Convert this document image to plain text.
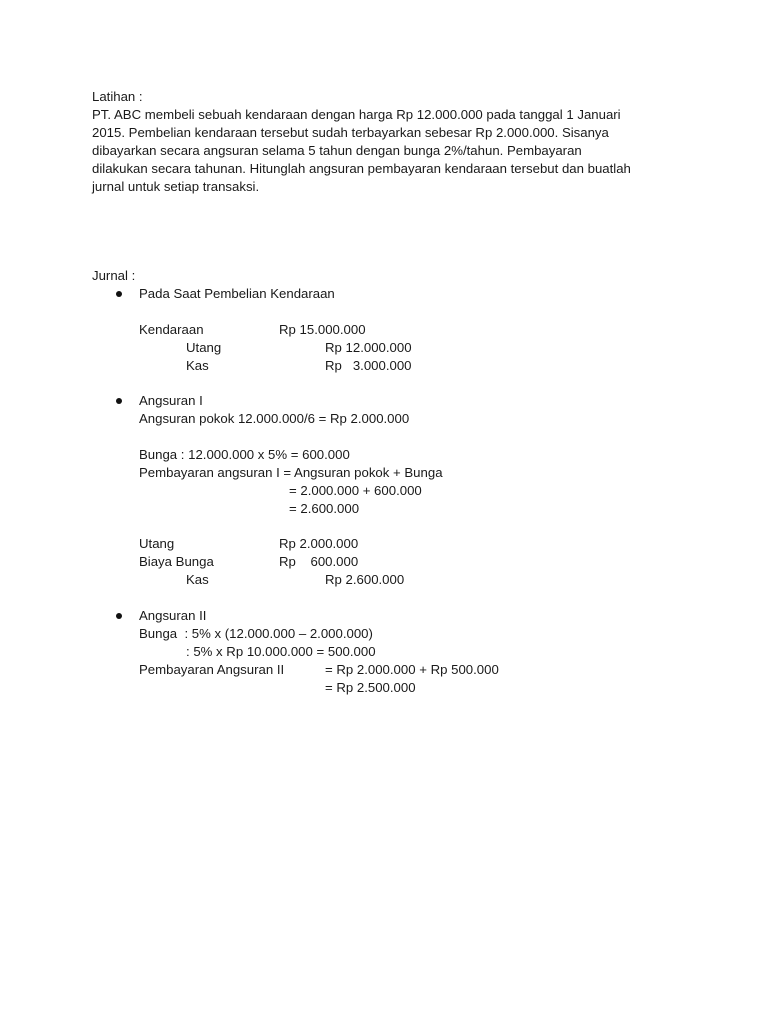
Latihan :
PT. ABC membeli sebuah kendaraan dengan harga Rp 12.000.000 pada tanggal 1 Januari
2015. Pembelian kendaraan tersebut sudah terbayarkan sebesar Rp 2.000.000. Sisanya
dibayarkan secara angsuran selama 5 tahun dengan bunga 2%/tahun. Pembayaran
dilakukan secara tahunan. Hitunglah angsuran pembayaran kendaraan tersebut dan buatlah
jurnal untuk setiap transaksi.
Jurnal :
Pada Saat Pembelian Kendaraan
Kendaraan	Rp 15.000.000
Utang	Rp 12.000.000
Kas	Rp   3.000.000
Angsuran I
Angsuran pokok 12.000.000/6 = Rp 2.000.000
Bunga : 12.000.000 x 5% = 600.000
Pembayaran angsuran I = Angsuran pokok + Bunga
= 2.000.000 + 600.000
= 2.600.000
Utang	Rp 2.000.000
Biaya Bunga	Rp    600.000
Kas	Rp 2.600.000
Angsuran II
Bunga  : 5% x (12.000.000 – 2.000.000)
: 5% x Rp 10.000.000 = 500.000
Pembayaran Angsuran II	= Rp 2.000.000 + Rp 500.000
= Rp 2.500.000
